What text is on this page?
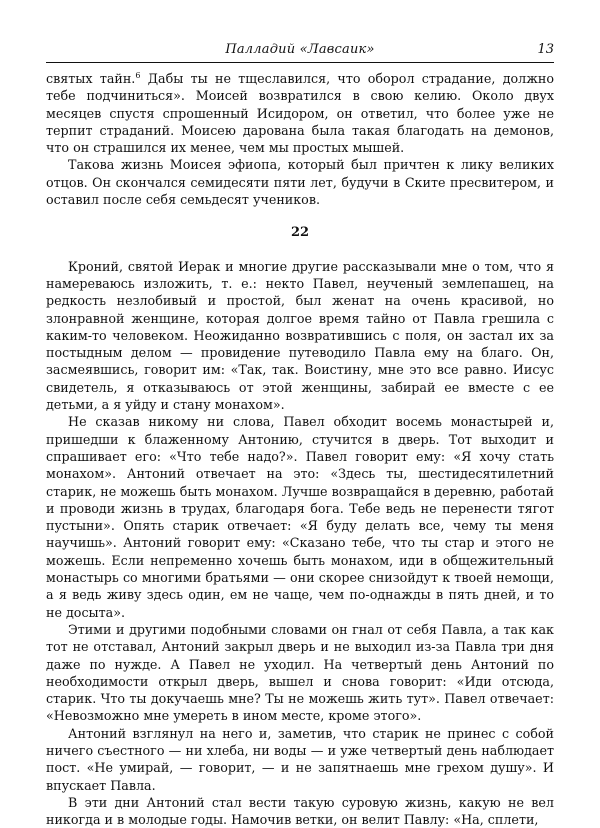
Палладий «Лавсаик»	13

святых тайн.$^6$ Дабы ты не тщеславился, что оборол страдание, должно тебе подчиниться». Моисей возвратился в свою келию. Около двух месяцев спустя спрошенный Исидором, он ответил, что более уже не терпит страданий. Моисею дарована была такая благодать на демонов, что он страшился их менее, чем мы простых мышей.

Такова жизнь Моисея эфиопа, который был причтен к лику великих отцов. Он скончался семидесяти пяти лет, будучи в Ските пресвитером, и оставил после себя семьдесят учеников.

22

Кроний, святой Иерак и многие другие рассказывали мне о том, что я намереваюсь изложить, т. е.: некто Павел, неученый землепашец, на редкость незлобивый и простой, был женат на очень красивой, но злонравной женщине, которая долгое время тайно от Павла грешила с каким-то человеком. Неожиданно возвратившись с поля, он застал их за постыдным делом — провидение путеводило Павла ему на благо. Он, засмеявшись, говорит им: «Так, так. Воистину, мне это все равно. Иисус свидетель, я отказываюсь от этой женщины, забирай ее вместе с ее детьми, а я уйду и стану монахом».

Не сказав никому ни слова, Павел обходит восемь монастырей и, пришедши к блаженному Антонию, стучится в дверь. Тот выходит и спрашивает его: «Что тебе надо?». Павел говорит ему: «Я хочу стать монахом». Антоний отвечает на это: «Здесь ты, шестидесятилетний старик, не можешь быть монахом. Лучше возвращайся в деревню, работай и проводи жизнь в трудах, благодаря бога. Тебе ведь не перенести тягот пустыни». Опять старик отвечает: «Я буду делать все, чему ты меня научишь». Антоний говорит ему: «Сказано тебе, что ты стар и этого не можешь. Если непременно хочешь быть монахом, иди в общежительный монастырь со многими братьями — они скорее снизойдут к твоей немощи, а я ведь живу здесь один, ем не чаще, чем по-однажды в пять дней, и то не досыта».

Этими и другими подобными словами он гнал от себя Павла, а так как тот не отставал, Антоний закрыл дверь и не выходил из-за Павла три дня даже по нужде. А Павел не уходил. На четвертый день Антоний по необходимости открыл дверь, вышел и снова говорит: «Иди отсюда, старик. Что ты докучаешь мне? Ты не можешь жить тут». Павел отвечает: «Невозможно мне умереть в ином месте, кроме этого».

Антоний взглянул на него и, заметив, что старик не принес с собой ничего съестного — ни хлеба, ни воды — и уже четвертый день наблюдает пост. «Не умирай, — говорит, — и не запятнаешь мне грехом душу». И впускает Павла.

В эти дни Антоний стал вести такую суровую жизнь, какую не вел никогда и в молодые годы. Намочив ветки, он велит Павлу: «На, сплети,
